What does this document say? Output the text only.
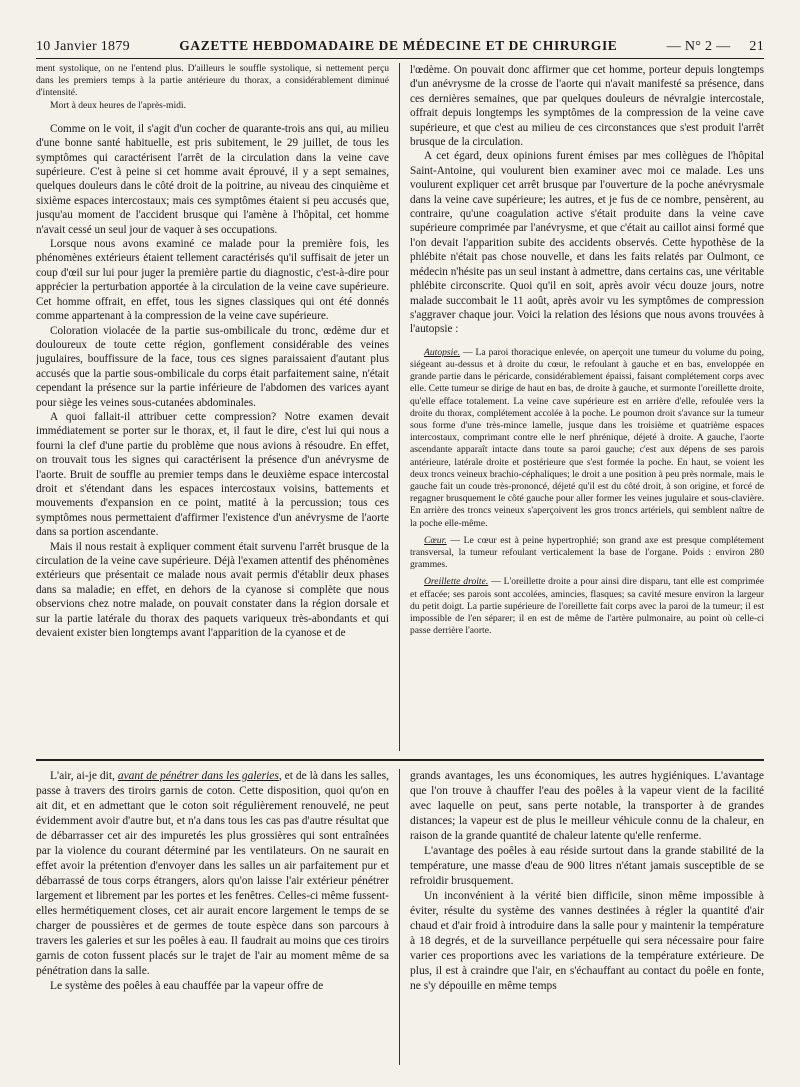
10 Janvier 1879	GAZETTE HEBDOMADAIRE DE MÉDECINE ET DE CHIRURGIE	— N° 2 — 21

ment systolique, on ne l'entend plus. D'ailleurs le souffle systolique, si nettement perçu dans les premiers temps à la partie antérieure du thorax, a considérablement diminué d'intensité.

Mort à deux heures de l'après-midi.

Comme on le voit, il s'agit d'un cocher de quarante-trois ans qui, au milieu d'une bonne santé habituelle, est pris subitement, le 29 juillet, de tous les symptômes qui caractérisent l'arrêt de la circulation dans la veine cave supérieure. C'est à peine si cet homme avait éprouvé, il y a sept semaines, quelques douleurs dans le côté droit de la poitrine, au niveau des cinquième et sixième espaces intercostaux; mais ces symptômes étaient si peu accusés que, jusqu'au moment de l'accident brusque qui l'amène à l'hôpital, cet homme n'avait cessé un seul jour de vaquer à ses occupations.

Lorsque nous avons examiné ce malade pour la première fois, les phénomènes extérieurs étaient tellement caractérisés qu'il suffisait de jeter un coup d'œil sur lui pour juger la première partie du diagnostic, c'est-à-dire pour apprécier la perturbation apportée à la circulation de la veine cave supérieure. Cet homme offrait, en effet, tous les signes classiques qui ont été donnés comme appartenant à la compression de la veine cave supérieure.

Coloration violacée de la partie sus-ombilicale du tronc, œdème dur et douloureux de toute cette région, gonflement considérable des veines jugulaires, bouffissure de la face, tous ces signes paraissaient d'autant plus accusés que la partie sous-ombilicale du corps était parfaitement saine, n'était cependant la présence sur la partie inférieure de l'abdomen des varices ayant pour siège les veines sous-cutanées abdominales.

A quoi fallait-il attribuer cette compression? Notre examen devait immédiatement se porter sur le thorax, et, il faut le dire, c'est lui qui nous a fourni la clef d'une partie du problème que nous avions à résoudre. En effet, on trouvait tous les signes qui caractérisent la présence d'un anévrysme de l'aorte. Bruit de souffle au premier temps dans le deuxième espace intercostal droit et s'étendant dans les espaces intercostaux voisins, battements et mouvements d'expansion en ce point, matité à la percussion; tous ces symptômes nous permettaient d'affirmer l'existence d'un anévrysme de l'aorte dans sa portion ascendante.

Mais il nous restait à expliquer comment était survenu l'arrêt brusque de la circulation de la veine cave supérieure. Déjà l'examen attentif des phénomènes extérieurs que présentait ce malade nous avait permis d'établir deux phases dans sa maladie; en effet, en dehors de la cyanose si complète que nous observions chez notre malade, on pouvait constater dans la région dorsale et sur la partie latérale du thorax des paquets variqueux très-abondants et qui devaient exister bien longtemps avant l'apparition de la cyanose et de

l'œdème. On pouvait donc affirmer que cet homme, porteur depuis longtemps d'un anévrysme de la crosse de l'aorte qui n'avait manifesté sa présence, dans ces dernières semaines, que par quelques douleurs de névralgie intercostale, offrait depuis longtemps les symptômes de la compression de la veine cave supérieure, et que c'est au milieu de ces circonstances que s'est produit l'arrêt brusque de la circulation.

A cet égard, deux opinions furent émises par mes collègues de l'hôpital Saint-Antoine, qui voulurent bien examiner avec moi ce malade. Les uns voulurent expliquer cet arrêt brusque par l'ouverture de la poche anévrysmale dans la veine cave supérieure; les autres, et je fus de ce nombre, pensèrent, au contraire, qu'une coagulation active s'était produite dans la veine cave supérieure comprimée par l'anévrysme, et que c'était au caillot ainsi formé que l'on devait l'apparition subite des accidents observés. Cette hypothèse de la phlébite n'était pas chose nouvelle, et dans les faits relatés par Oulmont, ce médecin n'hésite pas un seul instant à admettre, dans certains cas, une véritable phlébite circonscrite. Quoi qu'il en soit, après avoir vécu douze jours, notre malade succombait le 11 août, après avoir vu les symptômes de compression s'aggraver chaque jour. Voici la relation des lésions que nous avons trouvées à l'autopsie :

Autopsie. — La paroi thoracique enlevée, on aperçoit une tumeur du volume du poing, siégeant au-dessus et à droite du cœur, le refoulant à gauche et en bas, enveloppée en grande partie dans le péricarde, considérablement épaissi, faisant complétement corps avec elle. Cette tumeur se dirige de haut en bas, de droite à gauche, et surmonte l'oreillette droite, qu'elle efface totalement. La veine cave supérieure est en arrière d'elle, refoulée vers la droite du thorax, complétement accolée à la poche. Le poumon droit s'avance sur la tumeur sous forme d'une très-mince lamelle, jusque dans les troisième et quatrième espaces intercostaux, comprimant contre elle le nerf phrénique, déjeté à droite. A gauche, l'aorte ascendante apparaît intacte dans toute sa paroi gauche; c'est aux dépens de ses parois antérieure, latérale droite et postérieure que s'est formée la poche. En haut, se voient les deux troncs veineux brachio-céphaliques; le droit a une position à peu près normale, mais le gauche fait un coude très-prononcé, déjeté qu'il est du côté droit, à son origine, et forcé de regagner brusquement le côté gauche pour aller former les veines jugulaire et sous-clavière. En arrière des troncs veineux s'aperçoivent les gros troncs artériels, qui semblent naître de la poche elle-même.

Cœur. — Le cœur est à peine hypertrophié; son grand axe est presque complétement transversal, la tumeur refoulant verticalement la base de l'organe. Poids : environ 280 grammes.

Oreillette droite. — L'oreillette droite a pour ainsi dire disparu, tant elle est comprimée et effacée; ses parois sont accolées, amincies, flasques; sa cavité mesure environ la largeur du petit doigt. La partie supérieure de l'oreillette fait corps avec la paroi de la tumeur; il est impossible de l'en séparer; il en est de même de l'artère pulmonaire, au point où celle-ci passe derrière l'aorte.

L'air, ai-je dit, avant de pénétrer dans les galeries, et de là dans les salles, passe à travers des tiroirs garnis de coton. Cette disposition, quoi qu'on en ait dit, et en admettant que le coton soit régulièrement renouvelé, ne peut évidemment avoir d'autre but, et n'a dans tous les cas pas d'autre résultat que de débarrasser cet air des impuretés les plus grossières qui sont entraînées par la violence du courant déterminé par les ventilateurs. On ne saurait en effet avoir la prétention d'envoyer dans les salles un air parfaitement pur et débarrassé de tous corps étrangers, alors qu'on laisse l'air extérieur pénétrer largement et librement par les portes et les fenêtres. Celles-ci même fussent-elles hermétiquement closes, cet air aurait encore largement le temps de se charger de poussières et de germes de toute espèce dans son parcours à travers les galeries et sur les poêles à eau. Il faudrait au moins que ces tiroirs garnis de coton fussent placés sur le trajet de l'air au moment même de sa pénétration dans la salle.

Le système des poêles à eau chauffée par la vapeur offre de

grands avantages, les uns économiques, les autres hygiéniques. L'avantage que l'on trouve à chauffer l'eau des poêles à la vapeur vient de la facilité avec laquelle on peut, sans perte notable, la transporter à de grandes distances; la vapeur est de plus le meilleur véhicule connu de la chaleur, en raison de la grande quantité de chaleur latente qu'elle renferme.

L'avantage des poêles à eau réside surtout dans la grande stabilité de la température, une masse d'eau de 900 litres n'étant jamais susceptible de se refroidir brusquement.

Un inconvénient à la vérité bien difficile, sinon même impossible à éviter, résulte du système des vannes destinées à régler la quantité d'air chaud et d'air froid à introduire dans la salle pour y maintenir la température à 18 degrés, et de la surveillance perpétuelle qui sera nécessaire pour faire varier ces proportions avec les variations de la température extérieure. De plus, il est à craindre que l'air, en s'échauffant au contact du poêle en fonte, ne s'y dépouille en même temps
